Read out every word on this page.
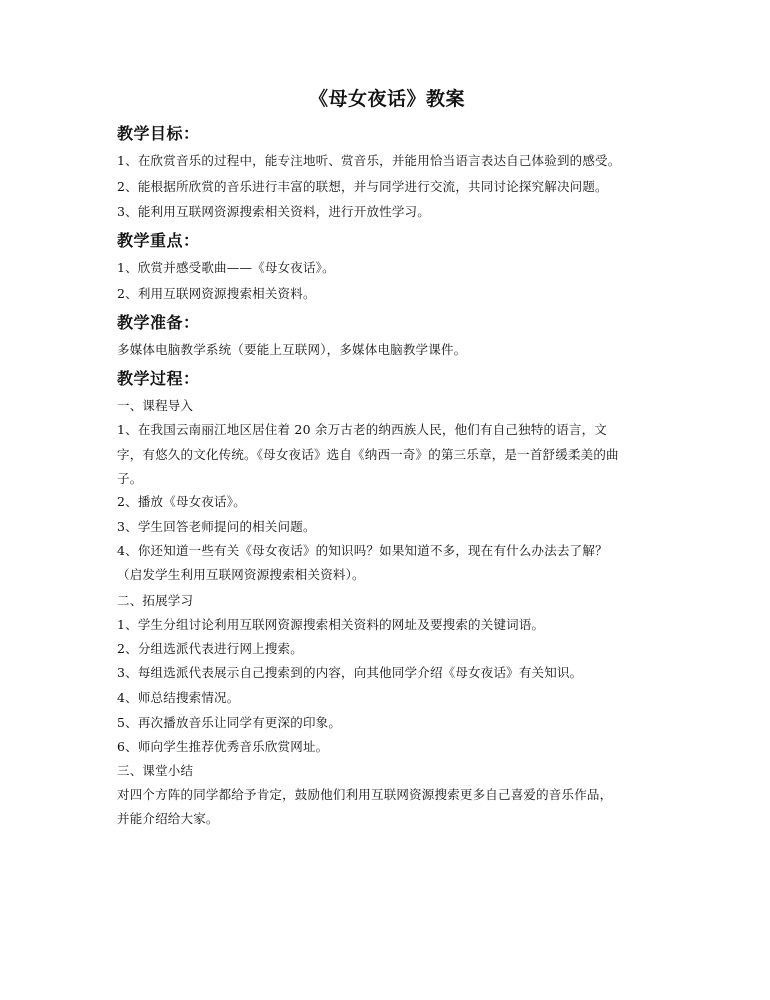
《母女夜话》教案
教学目标：
1、在欣赏音乐的过程中，能专注地听、赏音乐，并能用恰当语言表达自己体验到的感受。
2、能根据所欣赏的音乐进行丰富的联想，并与同学进行交流，共同讨论探究解决问题。
3、能利用互联网资源搜索相关资料，进行开放性学习。
教学重点：
1、欣赏并感受歌曲——《母女夜话》。
2、利用互联网资源搜索相关资料。
教学准备：
多媒体电脑教学系统（要能上互联网），多媒体电脑教学课件。
教学过程：
一、课程导入
1、在我国云南丽江地区居住着 20 余万古老的纳西族人民，他们有自己独特的语言，文
字，有悠久的文化传统。《母女夜话》选自《纳西一奇》的第三乐章，是一首舒缓柔美的曲
子。
2、播放《母女夜话》。
3、学生回答老师提问的相关问题。
4、你还知道一些有关《母女夜话》的知识吗？如果知道不多，现在有什么办法去了解？
（启发学生利用互联网资源搜索相关资料）。
二、拓展学习
1、学生分组讨论利用互联网资源搜索相关资料的网址及要搜索的关键词语。
2、分组选派代表进行网上搜索。
3、每组选派代表展示自己搜索到的内容，向其他同学介绍《母女夜话》有关知识。
4、师总结搜索情况。
5、再次播放音乐让同学有更深的印象。
6、师向学生推荐优秀音乐欣赏网址。
三、课堂小结
对四个方阵的同学都给予肯定，鼓励他们利用互联网资源搜索更多自己喜爱的音乐作品，
并能介绍给大家。
